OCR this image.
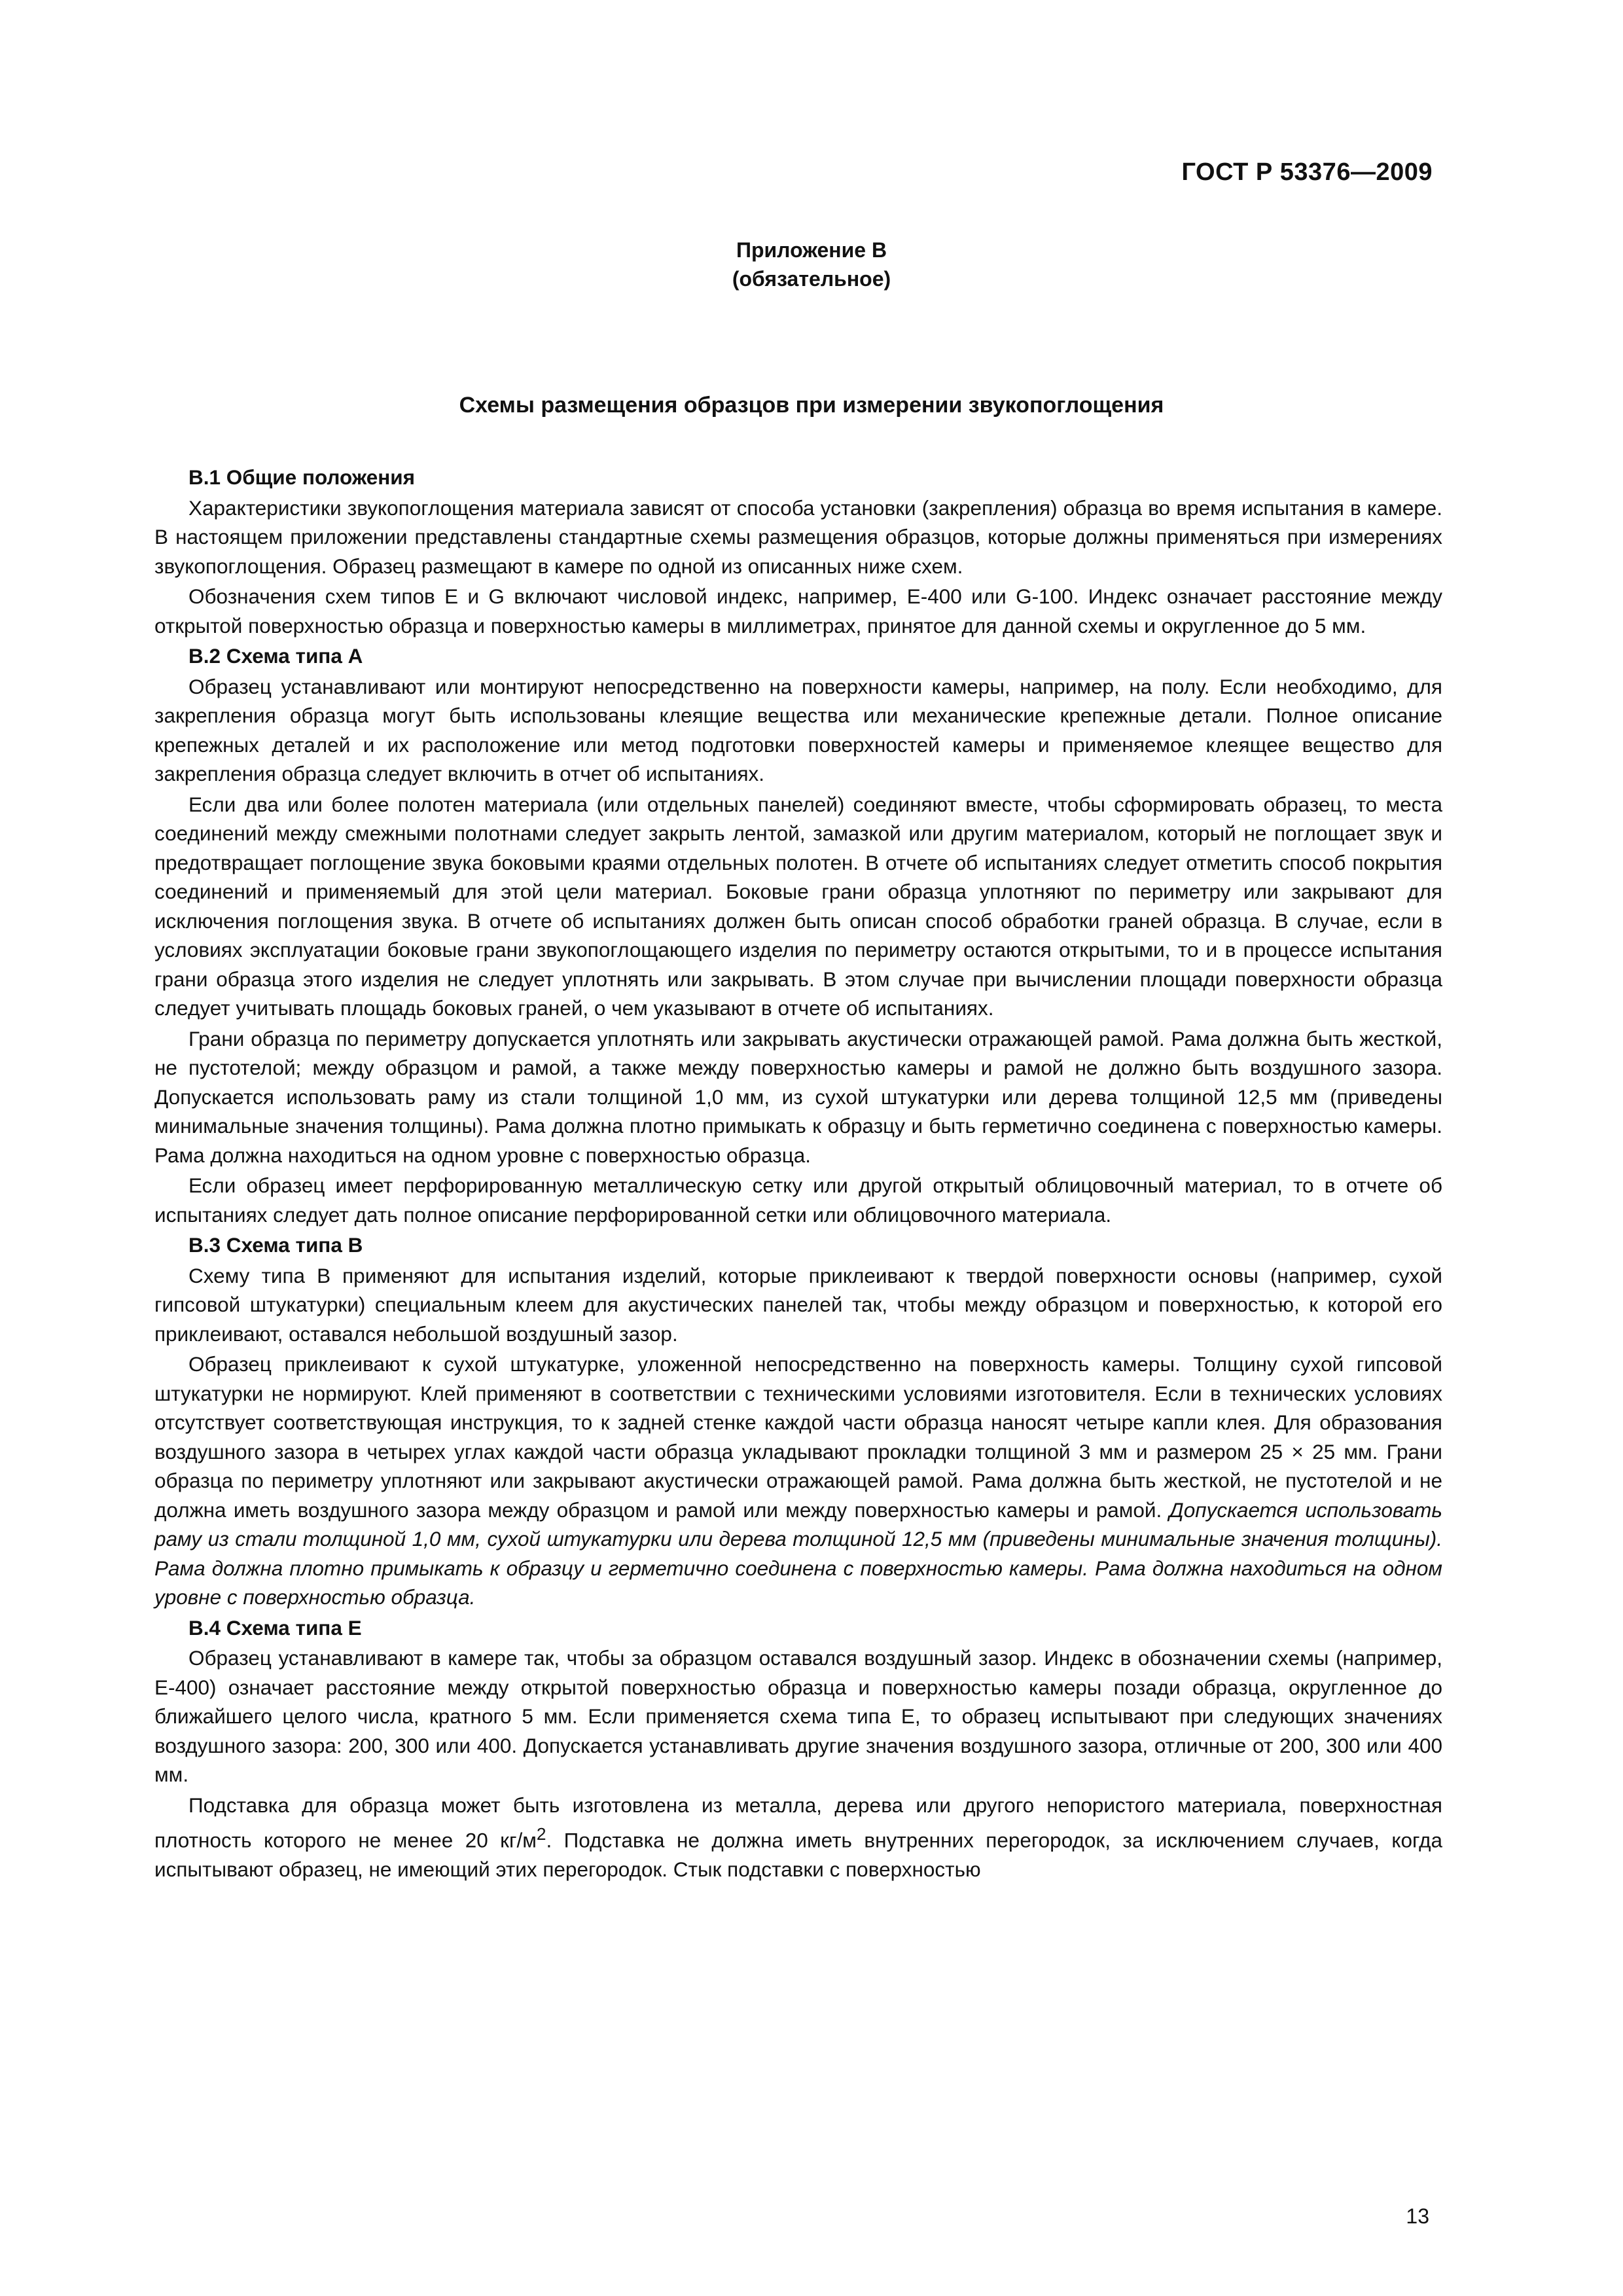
ГОСТ Р 53376—2009
Приложение В
(обязательное)
Схемы размещения образцов при измерении звукопоглощения
В.1 Общие положения

Характеристики звукопоглощения материала зависят от способа установки (закрепления) образца во время испытания в камере. В настоящем приложении представлены стандартные схемы размещения образцов, которые должны применяться при измерениях звукопоглощения. Образец размещают в камере по одной из описанных ниже схем.

Обозначения схем типов E и G включают числовой индекс, например, E-400 или G-100. Индекс означает расстояние между открытой поверхностью образца и поверхностью камеры в миллиметрах, принятое для данной схемы и округленное до 5 мм.

В.2 Схема типа А

Образец устанавливают или монтируют непосредственно на поверхности камеры, например, на полу. Если необходимо, для закрепления образца могут быть использованы клеящие вещества или механические крепежные детали. Полное описание крепежных деталей и их расположение или метод подготовки поверхностей камеры и применяемое клеящее вещество для закрепления образца следует включить в отчет об испытаниях.

Если два или более полотен материала (или отдельных панелей) соединяют вместе, чтобы сформировать образец, то места соединений между смежными полотнами следует закрыть лентой, замазкой или другим материалом, который не поглощает звук и предотвращает поглощение звука боковыми краями отдельных полотен. В отчете об испытаниях следует отметить способ покрытия соединений и применяемый для этой цели материал. Боковые грани образца уплотняют по периметру или закрывают для исключения поглощения звука. В отчете об испытаниях должен быть описан способ обработки граней образца. В случае, если в условиях эксплуатации боковые грани звукопоглощающего изделия по периметру остаются открытыми, то и в процессе испытания грани образца этого изделия не следует уплотнять или закрывать. В этом случае при вычислении площади поверхности образца следует учитывать площадь боковых граней, о чем указывают в отчете об испытаниях.

Грани образца по периметру допускается уплотнять или закрывать акустически отражающей рамой. Рама должна быть жесткой, не пустотелой; между образцом и рамой, а также между поверхностью камеры и рамой не должно быть воздушного зазора. Допускается использовать раму из стали толщиной 1,0 мм, из сухой штукатурки или дерева толщиной 12,5 мм (приведены минимальные значения толщины). Рама должна плотно примыкать к образцу и быть герметично соединена с поверхностью камеры. Рама должна находиться на одном уровне с поверхностью образца.

Если образец имеет перфорированную металлическую сетку или другой открытый облицовочный материал, то в отчете об испытаниях следует дать полное описание перфорированной сетки или облицовочного материала.

В.3 Схема типа В

Схему типа В применяют для испытания изделий, которые приклеивают к твердой поверхности основы (например, сухой гипсовой штукатурки) специальным клеем для акустических панелей так, чтобы между образцом и поверхностью, к которой его приклеивают, оставался небольшой воздушный зазор.

Образец приклеивают к сухой штукатурке, уложенной непосредственно на поверхность камеры. Толщину сухой гипсовой штукатурки не нормируют. Клей применяют в соответствии с техническими условиями изготовителя. Если в технических условиях отсутствует соответствующая инструкция, то к задней стенке каждой части образца наносят четыре капли клея. Для образования воздушного зазора в четырех углах каждой части образца укладывают прокладки толщиной 3 мм и размером 25 × 25 мм. Грани образца по периметру уплотняют или закрывают акустически отражающей рамой. Рама должна быть жесткой, не пустотелой и не должна иметь воздушного зазора между образцом и рамой или между поверхностью камеры и рамой. Допускается использовать раму из стали толщиной 1,0 мм, сухой штукатурки или дерева толщиной 12,5 мм (приведены минимальные значения толщины). Рама должна плотно примыкать к образцу и герметично соединена с поверхностью камеры. Рама должна находиться на одном уровне с поверхностью образца.

В.4 Схема типа Е

Образец устанавливают в камере так, чтобы за образцом оставался воздушный зазор. Индекс в обозначении схемы (например, Е-400) означает расстояние между открытой поверхностью образца и поверхностью камеры позади образца, округленное до ближайшего целого числа, кратного 5 мм. Если применяется схема типа Е, то образец испытывают при следующих значениях воздушного зазора: 200, 300 или 400. Допускается устанавливать другие значения воздушного зазора, отличные от 200, 300 или 400 мм.

Подставка для образца может быть изготовлена из металла, дерева или другого непористого материала, поверхностная плотность которого не менее 20 $кг/м^2$. Подставка не должна иметь внутренних перегородок, за исключением случаев, когда испытывают образец, не имеющий этих перегородок. Стык подставки с поверхностью

13
